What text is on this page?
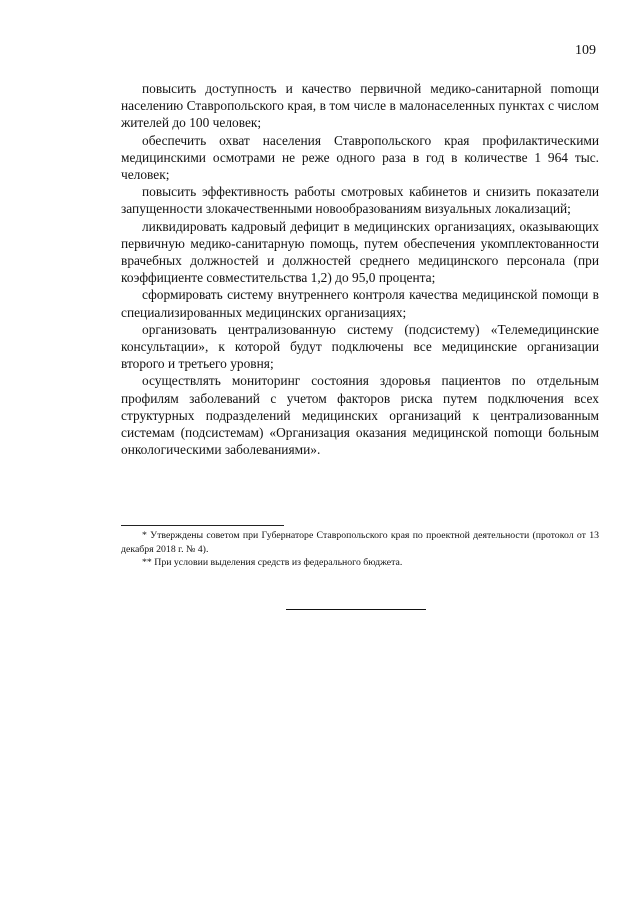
109

повысить доступность и качество первичной медико-санитарной поmощи населению Ставропольского края, в том числе в малонаселенных пунктах с числом жителей до 100 человек;

обеспечить охват населения Ставропольского края профилактическими медицинскими осмотрами не реже одного раза в год в количестве 1 964 тыс. человек;

повысить эффективность работы смотровых кабинетов и снизить показатели запущенности злокачественными новообразованиям визуальных локализаций;

ликвидировать кадровый дефицит в медицинских организациях, оказывающих первичную медико-санитарную помощь, путем обеспечения укомплектованности врачебных должностей и должностей среднего медицинского персонала (при коэффициенте совместительства 1,2) до 95,0 процента;

сформировать систему внутреннего контроля качества медицинской помощи в специализированных медицинских организациях;

организовать централизованную систему (подсистему) «Телемедицинские консультации», к которой будут подключены все медицинские организации второго и третьего уровня;

осуществлять мониторинг состояния здоровья пациентов по отдельным профилям заболеваний с учетом факторов риска путем подключения всех структурных подразделений медицинских организаций к централизованным системам (подсистемам) «Организация оказания медицинской поmощи больным онкологическими заболеваниями».

* Утверждены советом при Губернаторе Ставропольского края по проектной деятельности (протокол от 13 декабря 2018 г. № 4).

** При условии выделения средств из федерального бюджета.
